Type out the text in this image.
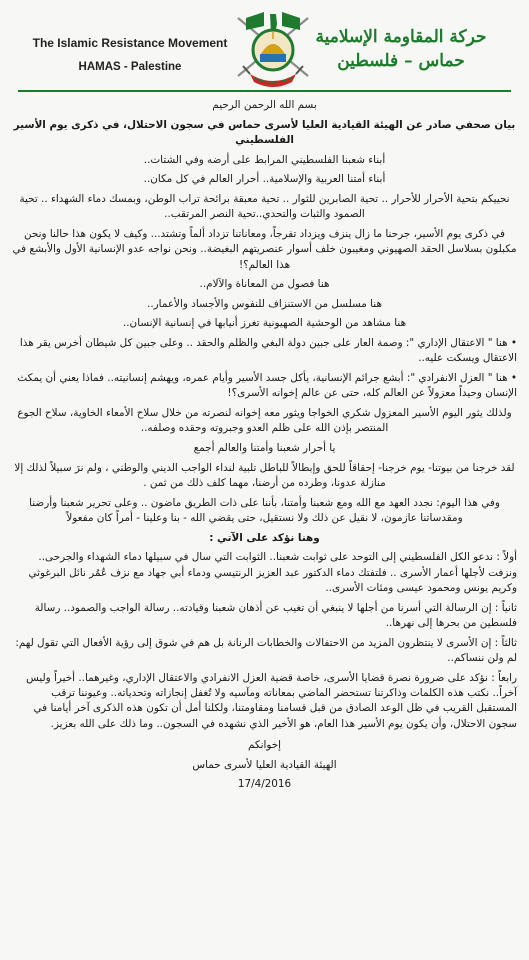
The Islamic Resistance Movement
HAMAS - Palestine
حركة المقاومة الإسلامية
حماس – فلسطين

بسم الله الرحمن الرحيم

بيان صحفي صادر عن الهيئة القيادية العليا لأسرى حماس في سجون الاحتلال، في ذكرى يوم الأسير الفلسطيني

أبناء شعبنا الفلسطيني المرابط على أرضه وفي الشتات..

أبناء أمتنا العربية والإسلامية.. أحرار العالم في كل مكان..

نحييكم بتحية الأحرار للأحرار .. تحية الصابرين للثوار .. تحية معبقة برائحة تراب الوطن، وبمسك دماء الشهداء .. تحية الصمود والثبات والتحدي..تحية النصر المرتقب..

في ذكرى يوم الأسير، جرحنا ما زال ينزف ويزداد تفرجاً، ومعاناتنا تزداد ألماً وتشتد... وكيف لا يكون هذا حالنا ونحن مكبلون بسلاسل الحقد الصهيوني ومغيبون خلف أسوار عنصريتهم البغيضة.. ونحن نواجه عدو الإنسانية الأول والأبشع في هذا العالم؟!

هنا فصول من المعاناة والآلام..

هنا مسلسل من الاستنزاف للنفوس والأجساد والأعمار..

هنا مشاهد من الوحشية الصهيونية تغرز أنيابها في إنسانية الإنسان..

• هنا " الاعتقال الإداري ": وصمة العار على جبين دولة البغي والظلم والحقد .. وعلى جبين كل شيطان أخرس يقر هذا الاعتقال ويسكت عليه..

• هنا " العزل الانفرادي ": أبشع جرائم الإنسانية، يأكل جسد الأسير وأيام عمره، ويهشم إنسانيته.. فماذا يعني أن يمكث الإنسان وحيداً معزولاً عن العالم كله، حتى عن عالم إخوانه الأسرى؟!

ولذلك يثور اليوم الأسير المعزول شكري الخواجا ويثور معه إخوانه لنصرته من خلال سلاح الأمعاء الخاوية، سلاح الجوع المنتصر بإذن الله على ظلم العدو وجبروته وحقده وصلفه..

يا أحرار شعبنا وأمتنا والعالم أجمع

لقد خرجنا من بيوتنا- يوم خرجنا- إحقاقاً للحق وإبطالاً للباطل تلبية لنداء الواجب الديني والوطني ، ولم نرَ سبيلاً لذلك إلا منازلة عدونا، وطرده من أرضنا، مهما كلف ذلك من ثمن .

وفي هذا اليوم: نجدد العهد مع الله ومع شعبنا وأمتنا، بأننا على ذات الطريق ماضون .. وعلى تحرير شعبنا وأرضنا ومقدساتنا عازمون، لا نقيل عن ذلك ولا نستقيل، حتى يقضي الله - بنا وعلينا - أمراً كان مفعولاً

وهنا نؤكد على الآتي :

أولاً : ندعو الكل الفلسطيني إلى التوحد على ثوابت شعبنا.. الثوابت التي سال في سبيلها دماء الشهداء والجرحى.. ونزفت لأجلها أعمار الأسرى .. فلتفتك دماء الدكتور عبد العزيز الرنتيسي ودماء أبي جهاد مع نزف عُمُر نائل البرغوثي وكريم يونس ومحمود عيسى ومئات الأسرى..

ثانياً : إن الرسالة التي أسرنا من أجلها لا ينبغي أن تغيب عن أذهان شعبنا وقيادته.. رسالة الواجب والصمود.. رسالة فلسطين من بحرها إلى نهرها..

ثالثاً : إن الأسرى لا ينتظرون المزيد من الاحتفالات والخطابات الرنانة بل هم في شوق إلى رؤية الأفعال التي تقول لهم: لم ولن ننساكم..

رابعاً : نؤكد على ضرورة نصرة قضايا الأسرى، خاصة قضية العزل الانفرادي والاعتقال الإداري، وغيرهما.. أخيراً وليس آخراً.. نكتب هذه الكلمات وذاكرتنا تستحضر الماضي بمعاناته ومآسيه ولا تُغفل إنجازاته وتحدياته.. وعيوننا ترقب المستقبل القريب في ظل الوعد الصادق من قبل قسامنا ومقاومتنا، ولكلنا أمل أن تكون هذه الذكرى آخر أيامنا في سجون الاحتلال، وأن يكون يوم الأسير هذا العام، هو الأخير الذي نشهده في السجون.. وما ذلك على الله بعزيز.

إخوانكم

الهيئة القيادية العليا لأسرى حماس

17/4/2016
